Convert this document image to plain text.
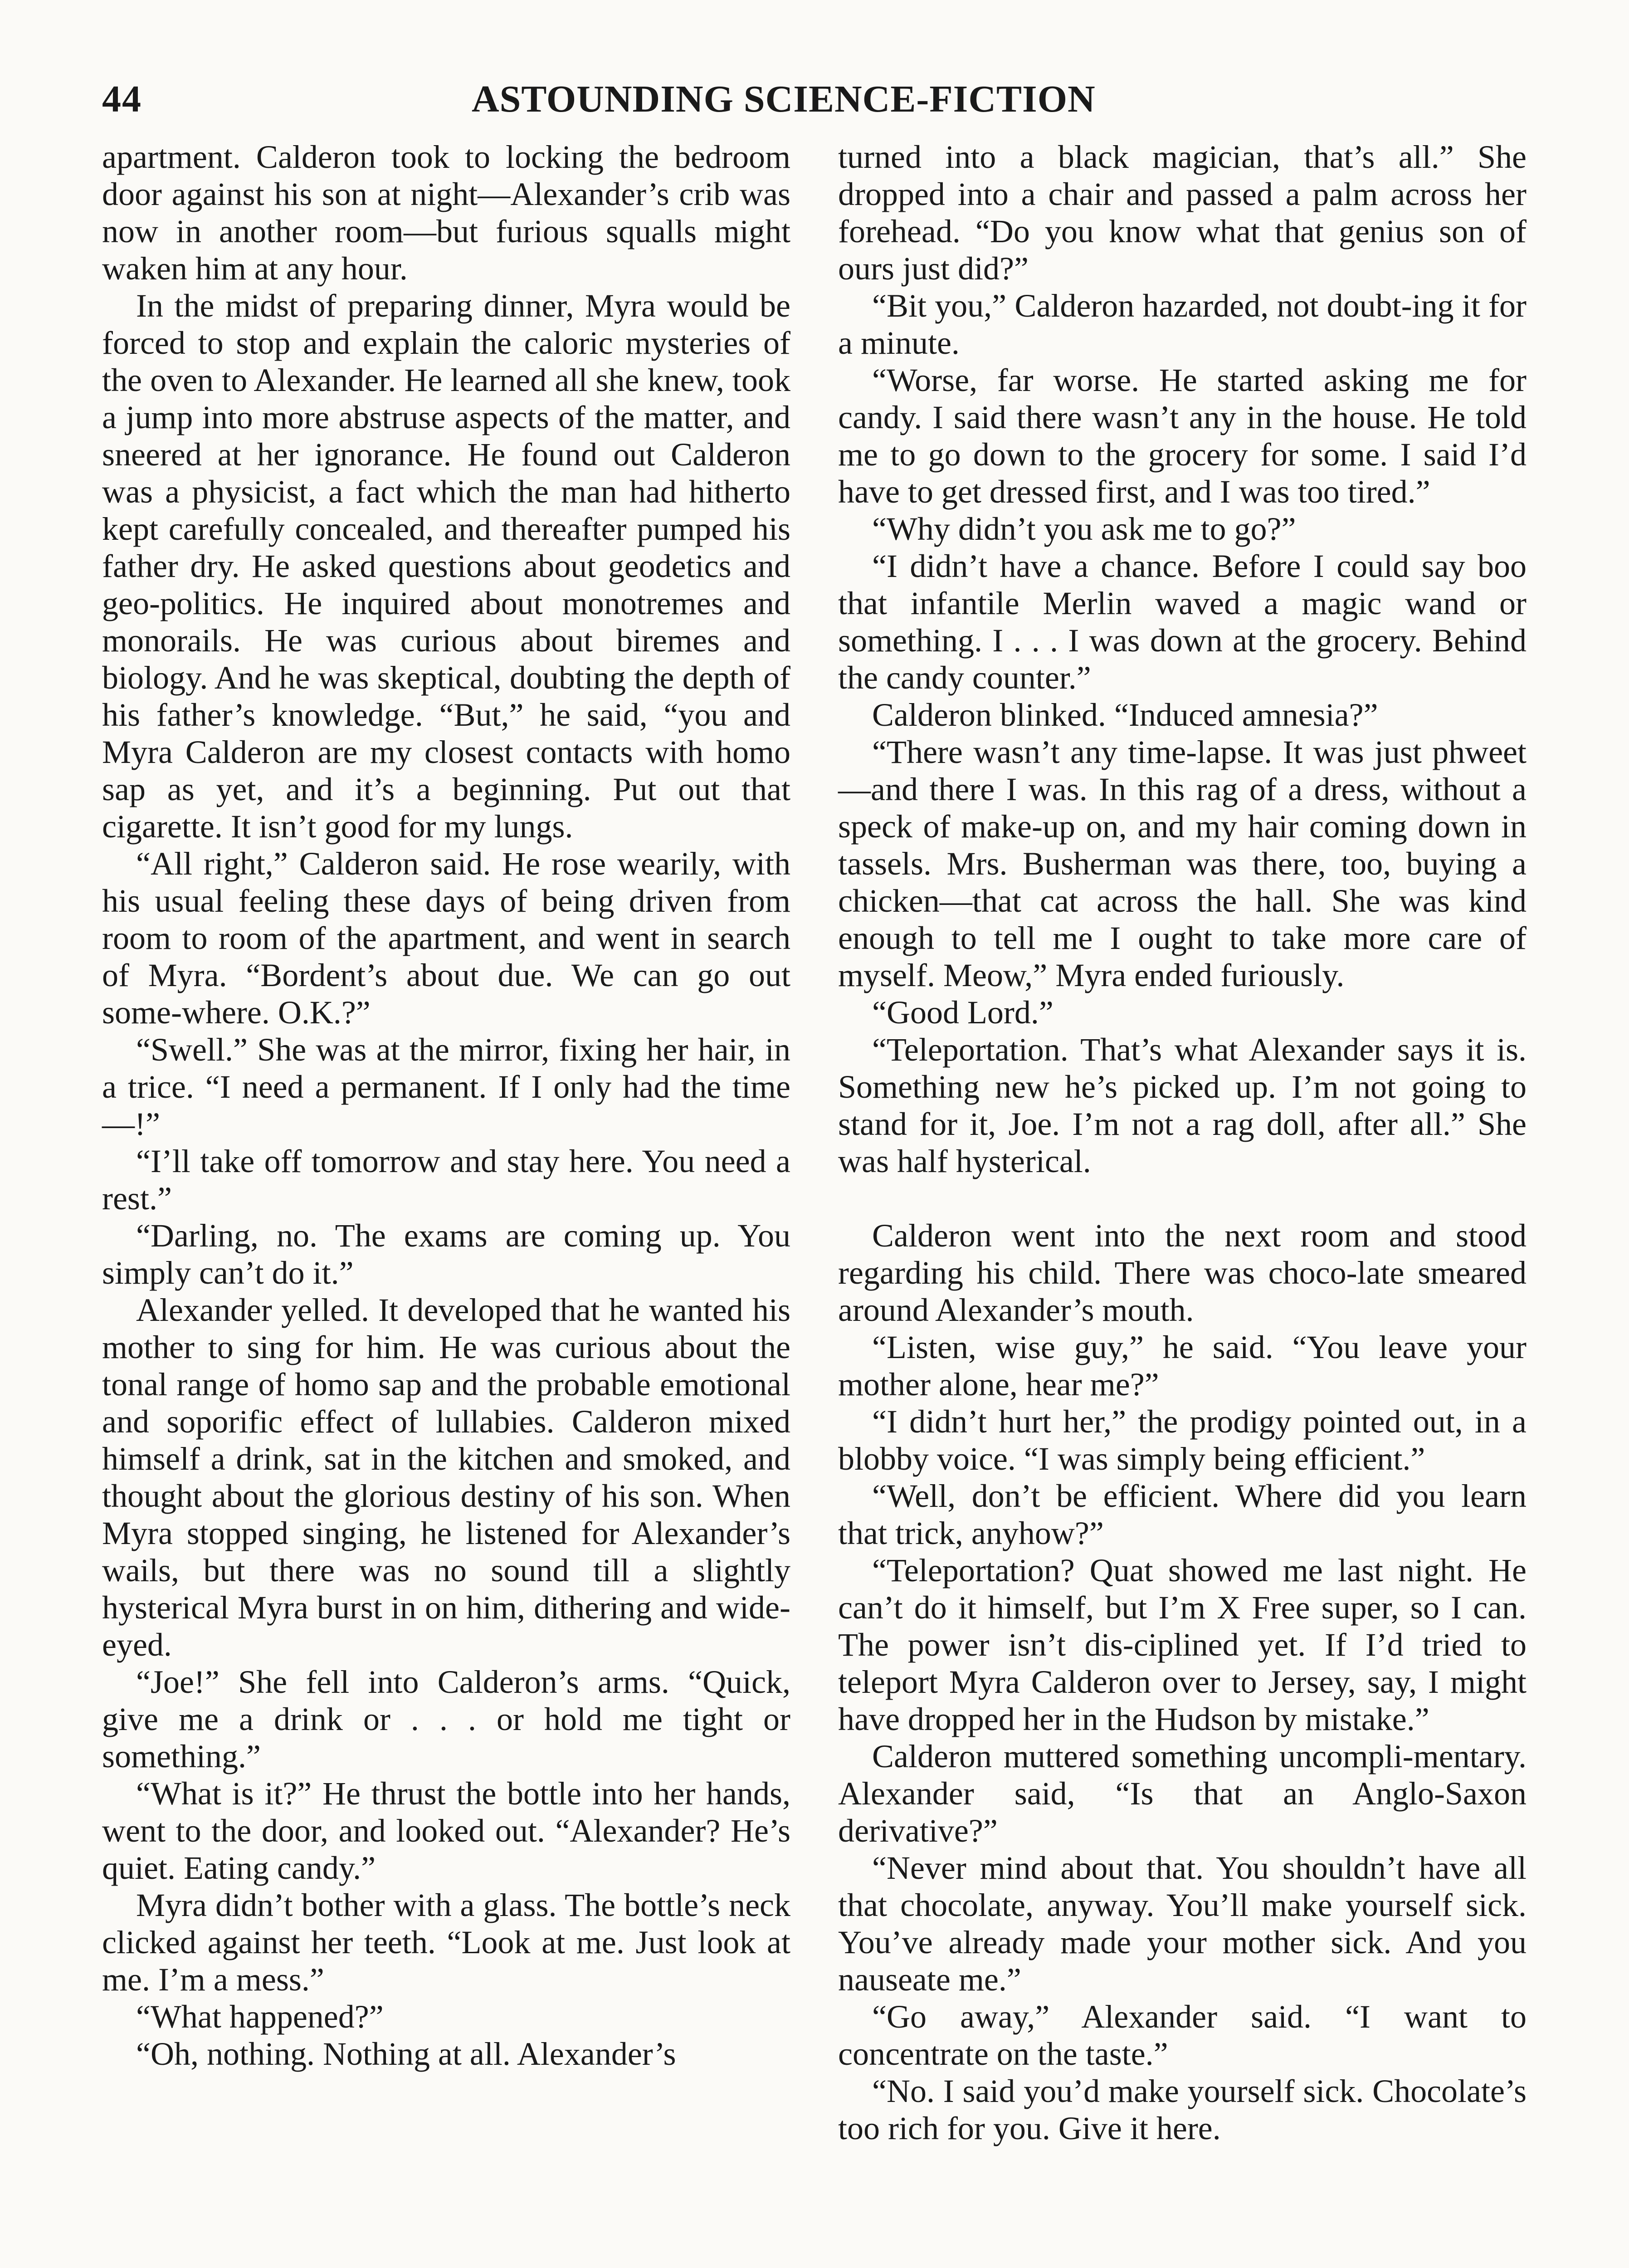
44	ASTOUNDING SCIENCE-FICTION

apartment. Calderon took to locking the bedroom door against his son at night—Alexander’s crib was now in another room—but furious squalls might waken him at any hour.

In the midst of preparing dinner, Myra would be forced to stop and explain the caloric mysteries of the oven to Alexander. He learned all she knew, took a jump into more abstruse aspects of the matter, and sneered at her ignorance. He found out Calderon was a physicist, a fact which the man had hitherto kept carefully concealed, and thereafter pumped his father dry. He asked questions about geodetics and geo-politics. He inquired about monotremes and monorails. He was curious about biremes and biology. And he was skeptical, doubting the depth of his father’s knowledge. “But,” he said, “you and Myra Calderon are my closest contacts with homo sap as yet, and it’s a beginning. Put out that cigarette. It isn’t good for my lungs.

“All right,” Calderon said. He rose wearily, with his usual feeling these days of being driven from room to room of the apartment, and went in search of Myra. “Bordent’s about due. We can go out some-where. O.K.?”

“Swell.” She was at the mirror, fixing her hair, in a trice. “I need a permanent. If I only had the time—!”

“I’ll take off tomorrow and stay here. You need a rest.”

“Darling, no. The exams are coming up. You simply can’t do it.”

Alexander yelled. It developed that he wanted his mother to sing for him. He was curious about the tonal range of homo sap and the probable emotional and soporific effect of lullabies. Calderon mixed himself a drink, sat in the kitchen and smoked, and thought about the glorious destiny of his son. When Myra stopped singing, he listened for Alexander’s wails, but there was no sound till a slightly hysterical Myra burst in on him, dithering and wide-eyed.

“Joe!” She fell into Calderon’s arms. “Quick, give me a drink or . . . or hold me tight or something.”

“What is it?” He thrust the bottle into her hands, went to the door, and looked out. “Alexander? He’s quiet. Eating candy.”

Myra didn’t bother with a glass. The bottle’s neck clicked against her teeth. “Look at me. Just look at me. I’m a mess.”

“What happened?”

“Oh, nothing. Nothing at all. Alexander’s

turned into a black magician, that’s all.” She dropped into a chair and passed a palm across her forehead. “Do you know what that genius son of ours just did?”

“Bit you,” Calderon hazarded, not doubt-ing it for a minute.

“Worse, far worse. He started asking me for candy. I said there wasn’t any in the house. He told me to go down to the grocery for some. I said I’d have to get dressed first, and I was too tired.”

“Why didn’t you ask me to go?”

“I didn’t have a chance. Before I could say boo that infantile Merlin waved a magic wand or something. I . . . I was down at the grocery. Behind the candy counter.”

Calderon blinked. “Induced amnesia?”

“There wasn’t any time-lapse. It was just phweet—and there I was. In this rag of a dress, without a speck of make-up on, and my hair coming down in tassels. Mrs. Busherman was there, too, buying a chicken—that cat across the hall. She was kind enough to tell me I ought to take more care of myself. Meow,” Myra ended furiously.

“Good Lord.”

“Teleportation. That’s what Alexander says it is. Something new he’s picked up. I’m not going to stand for it, Joe. I’m not a rag doll, after all.” She was half hysterical.

Calderon went into the next room and stood regarding his child. There was choco-late smeared around Alexander’s mouth.

“Listen, wise guy,” he said. “You leave your mother alone, hear me?”

“I didn’t hurt her,” the prodigy pointed out, in a blobby voice. “I was simply being efficient.”

“Well, don’t be efficient. Where did you learn that trick, anyhow?”

“Teleportation? Quat showed me last night. He can’t do it himself, but I’m X Free super, so I can. The power isn’t dis-ciplined yet. If I’d tried to teleport Myra Calderon over to Jersey, say, I might have dropped her in the Hudson by mistake.”

Calderon muttered something uncompli-mentary. Alexander said, “Is that an Anglo-Saxon derivative?”

“Never mind about that. You shouldn’t have all that chocolate, anyway. You’ll make yourself sick. You’ve already made your mother sick. And you nauseate me.”

“Go away,” Alexander said. “I want to concentrate on the taste.”

“No. I said you’d make yourself sick. Chocolate’s too rich for you. Give it here.
